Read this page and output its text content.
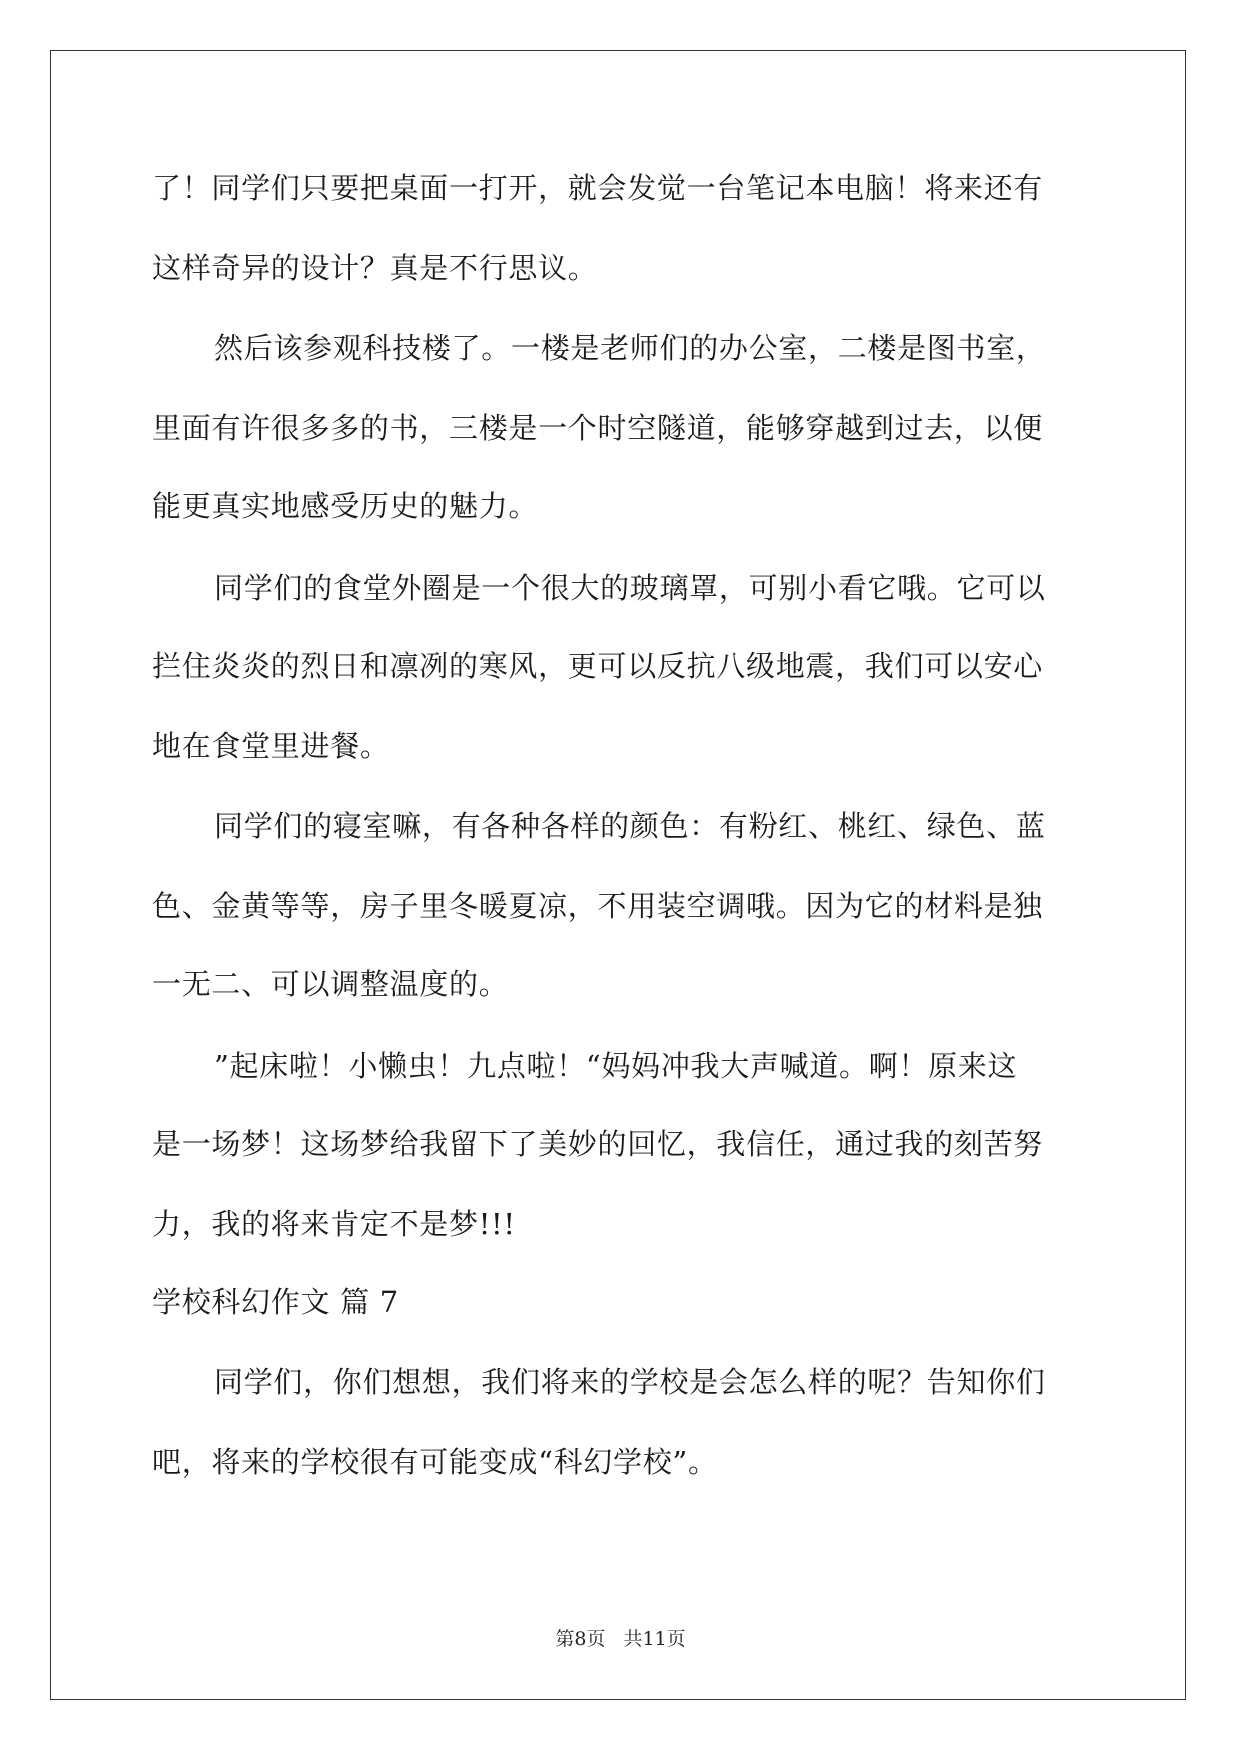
了！同学们只要把桌面一打开，就会发觉一台笔记本电脑！将来还有
这样奇异的设计？真是不行思议。
然后该参观科技楼了。一楼是老师们的办公室，二楼是图书室，
里面有许很多多的书，三楼是一个时空隧道，能够穿越到过去，以便
能更真实地感受历史的魅力。
同学们的食堂外圈是一个很大的玻璃罩，可别小看它哦。它可以
拦住炎炎的烈日和凛冽的寒风，更可以反抗八级地震，我们可以安心
地在食堂里进餐。
同学们的寝室嘛，有各种各样的颜色：有粉红、桃红、绿色、蓝
色、金黄等等，房子里冬暖夏凉，不用装空调哦。因为它的材料是独
一无二、可以调整温度的。
”起床啦！小懒虫！九点啦！“妈妈冲我大声喊道。啊！原来这
是一场梦！这场梦给我留下了美妙的回忆，我信任，通过我的刻苦努
力，我的将来肯定不是梦!!!
学校科幻作文 篇 7
同学们，你们想想，我们将来的学校是会怎么样的呢？告知你们
吧，将来的学校很有可能变成“科幻学校”。
第8页 共11页
